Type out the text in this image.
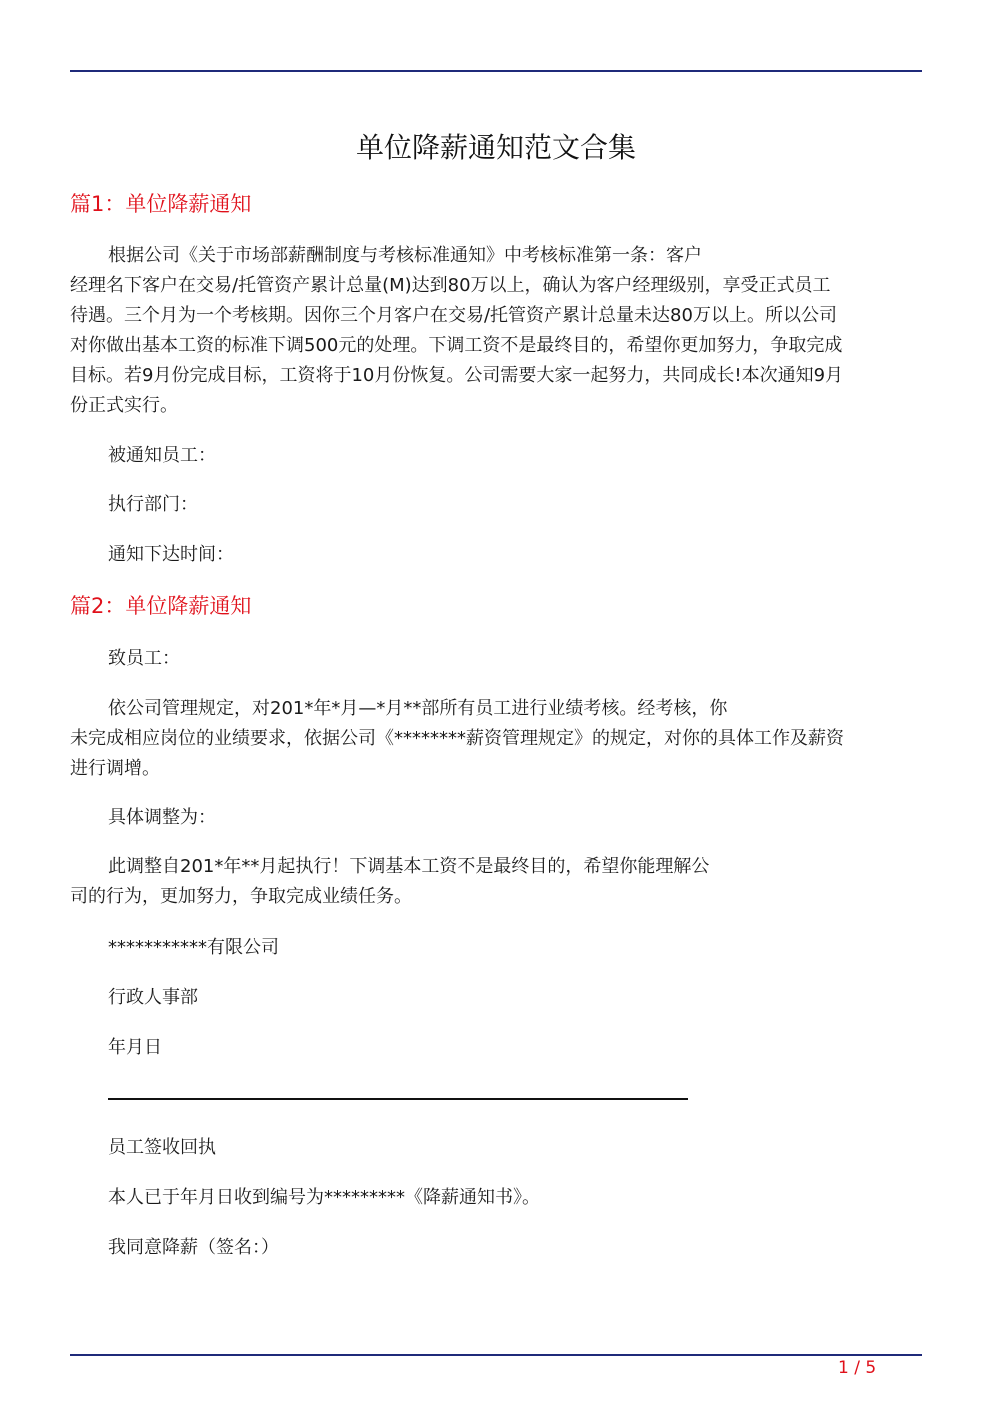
单位降薪通知范文合集
篇1：单位降薪通知
根据公司《关于市场部薪酬制度与考核标准通知》中考核标准第一条：客户
经理名下客户在交易/托管资产累计总量(M)达到80万以上，确认为客户经理级别，享受正式员工
待遇。三个月为一个考核期。因你三个月客户在交易/托管资产累计总量未达80万以上。所以公司
对你做出基本工资的标准下调500元的处理。下调工资不是最终目的，希望你更加努力，争取完成
目标。若9月份完成目标，工资将于10月份恢复。公司需要大家一起努力，共同成长!本次通知9月
份正式实行。
被通知员工：
执行部门：
通知下达时间：
篇2：单位降薪通知
致员工：
依公司管理规定，对201*年*月—*月**部所有员工进行业绩考核。经考核，你
未完成相应岗位的业绩要求，依据公司《********薪资管理规定》的规定，对你的具体工作及薪资
进行调增。
具体调整为：
此调整自201*年**月起执行！下调基本工资不是最终目的，希望你能理解公
司的行为，更加努力，争取完成业绩任务。
***********有限公司
行政人事部
年月日
员工签收回执
本人已于年月日收到编号为*********《降薪通知书》。
我同意降薪（签名：）
1 / 5
